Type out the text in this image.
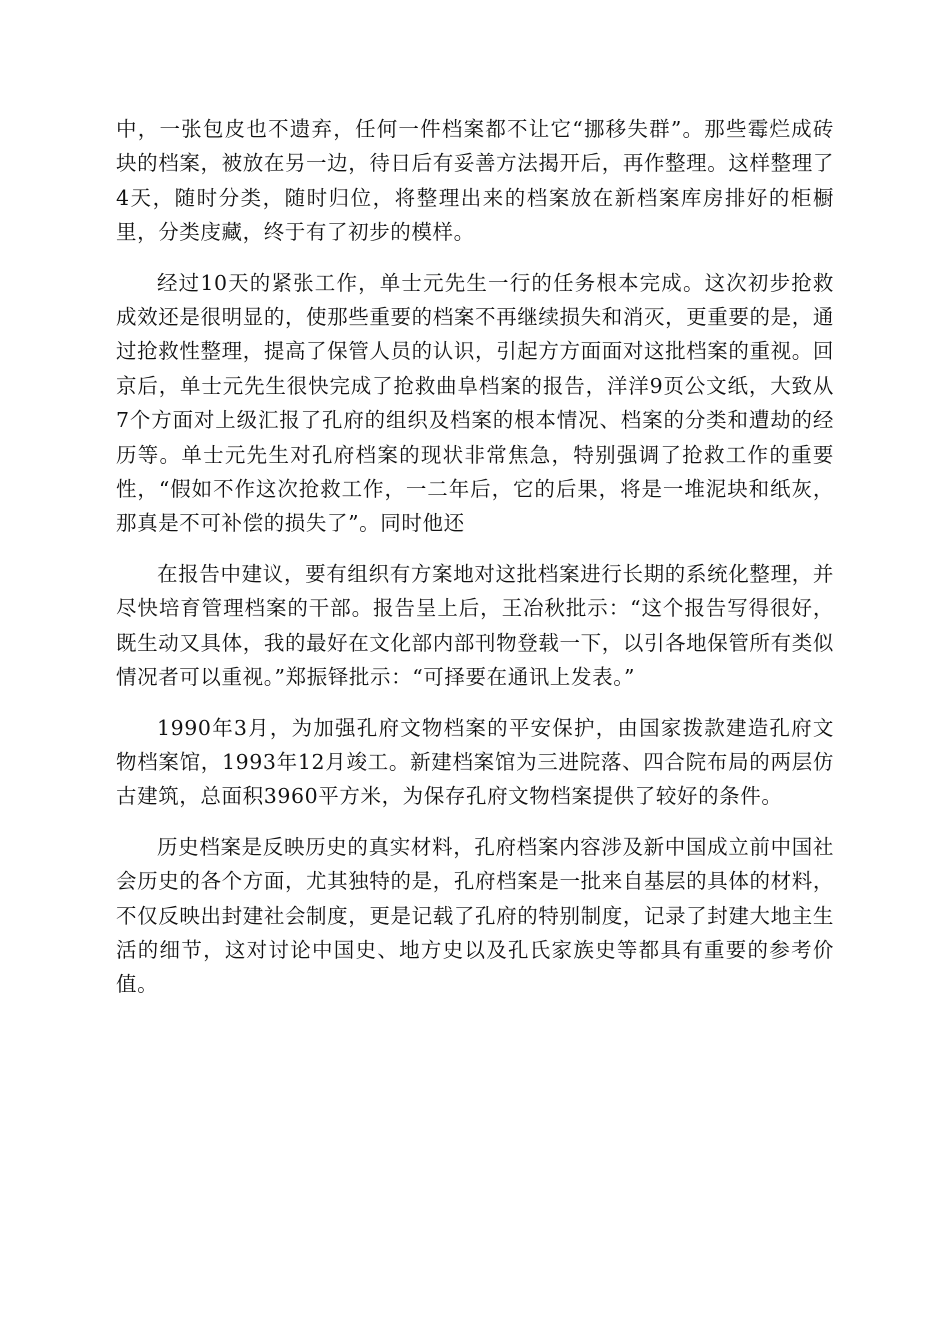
中，一张包皮也不遗弃，任何一件档案都不让它“挪移失群”。那些霉烂成砖块的档案，被放在另一边，待日后有妥善方法揭开后，再作整理。这样整理了4天，随时分类，随时归位，将整理出来的档案放在新档案库房排好的柜橱里，分类庋藏，终于有了初步的模样。

经过10天的紧张工作，单士元先生一行的任务根本完成。这次初步抢救成效还是很明显的，使那些重要的档案不再继续损失和消灭，更重要的是，通过抢救性整理，提高了保管人员的认识，引起方方面面对这批档案的重视。回京后，单士元先生很快完成了抢救曲阜档案的报告，洋洋9页公文纸，大致从7个方面对上级汇报了孔府的组织及档案的根本情况、档案的分类和遭劫的经历等。单士元先生对孔府档案的现状非常焦急，特别强调了抢救工作的重要性，“假如不作这次抢救工作，一二年后，它的后果，将是一堆泥块和纸灰，那真是不可补偿的损失了”。同时他还

在报告中建议，要有组织有方案地对这批档案进行长期的系统化整理，并尽快培育管理档案的干部。报告呈上后，王冶秋批示：“这个报告写得很好，既生动又具体，我的最好在文化部内部刊物登载一下，以引各地保管所有类似情况者可以重视。”郑振铎批示：“可择要在通讯上发表。”

1990年3月，为加强孔府文物档案的平安保护，由国家拨款建造孔府文物档案馆，1993年12月竣工。新建档案馆为三进院落、四合院布局的两层仿古建筑，总面积3960平方米，为保存孔府文物档案提供了较好的条件。

历史档案是反映历史的真实材料，孔府档案内容涉及新中国成立前中国社会历史的各个方面，尤其独特的是，孔府档案是一批来自基层的具体的材料，不仅反映出封建社会制度，更是记载了孔府的特别制度，记录了封建大地主生活的细节，这对讨论中国史、地方史以及孔氏家族史等都具有重要的参考价值。
